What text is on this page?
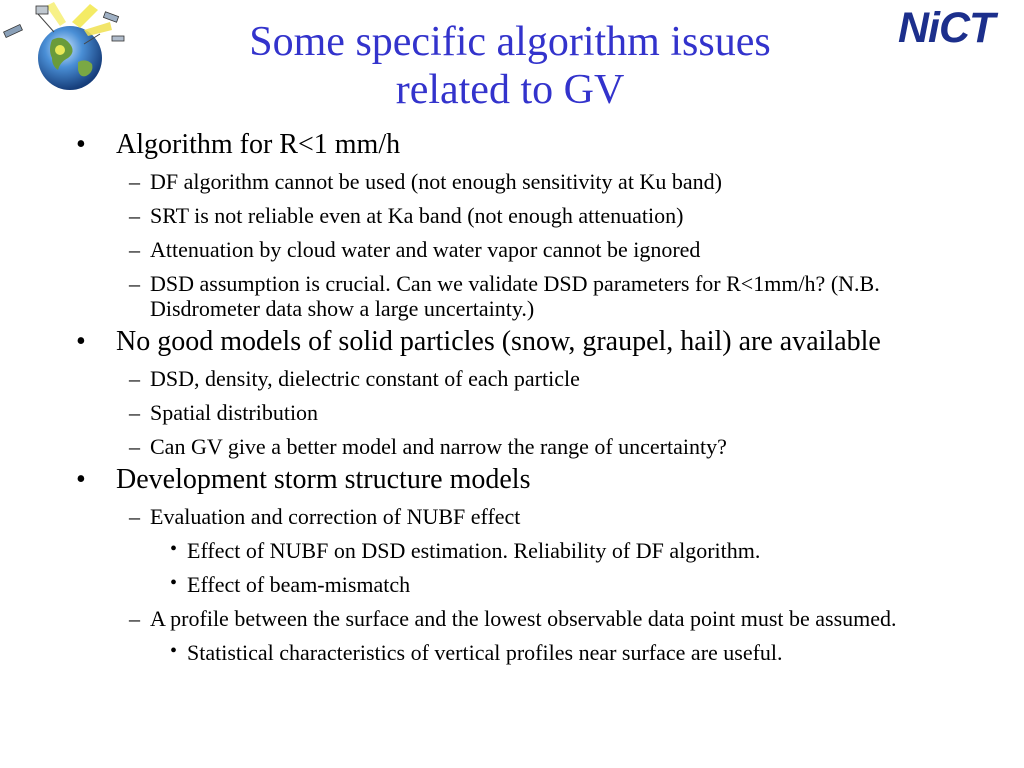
NiCT
Some specific algorithm issues
related to GV
• Algorithm for R<1 mm/h
– DF algorithm cannot be used (not enough sensitivity at Ku band)
– SRT is not reliable even at Ka band (not enough attenuation)
– Attenuation by cloud water and water vapor cannot be ignored
– DSD assumption is crucial. Can we validate DSD parameters for R<1mm/h? (N.B. Disdrometer data show a large uncertainty.)
• No good models of solid particles (snow, graupel, hail) are available
– DSD, density, dielectric constant of each particle
– Spatial distribution
– Can GV give a better model and narrow the range of uncertainty?
• Development storm structure models
– Evaluation and correction of NUBF effect
• Effect of NUBF on DSD estimation. Reliability of DF algorithm.
• Effect of beam-mismatch
– A profile between the surface and the lowest observable data point must be assumed.
• Statistical characteristics of vertical profiles near surface are useful.
